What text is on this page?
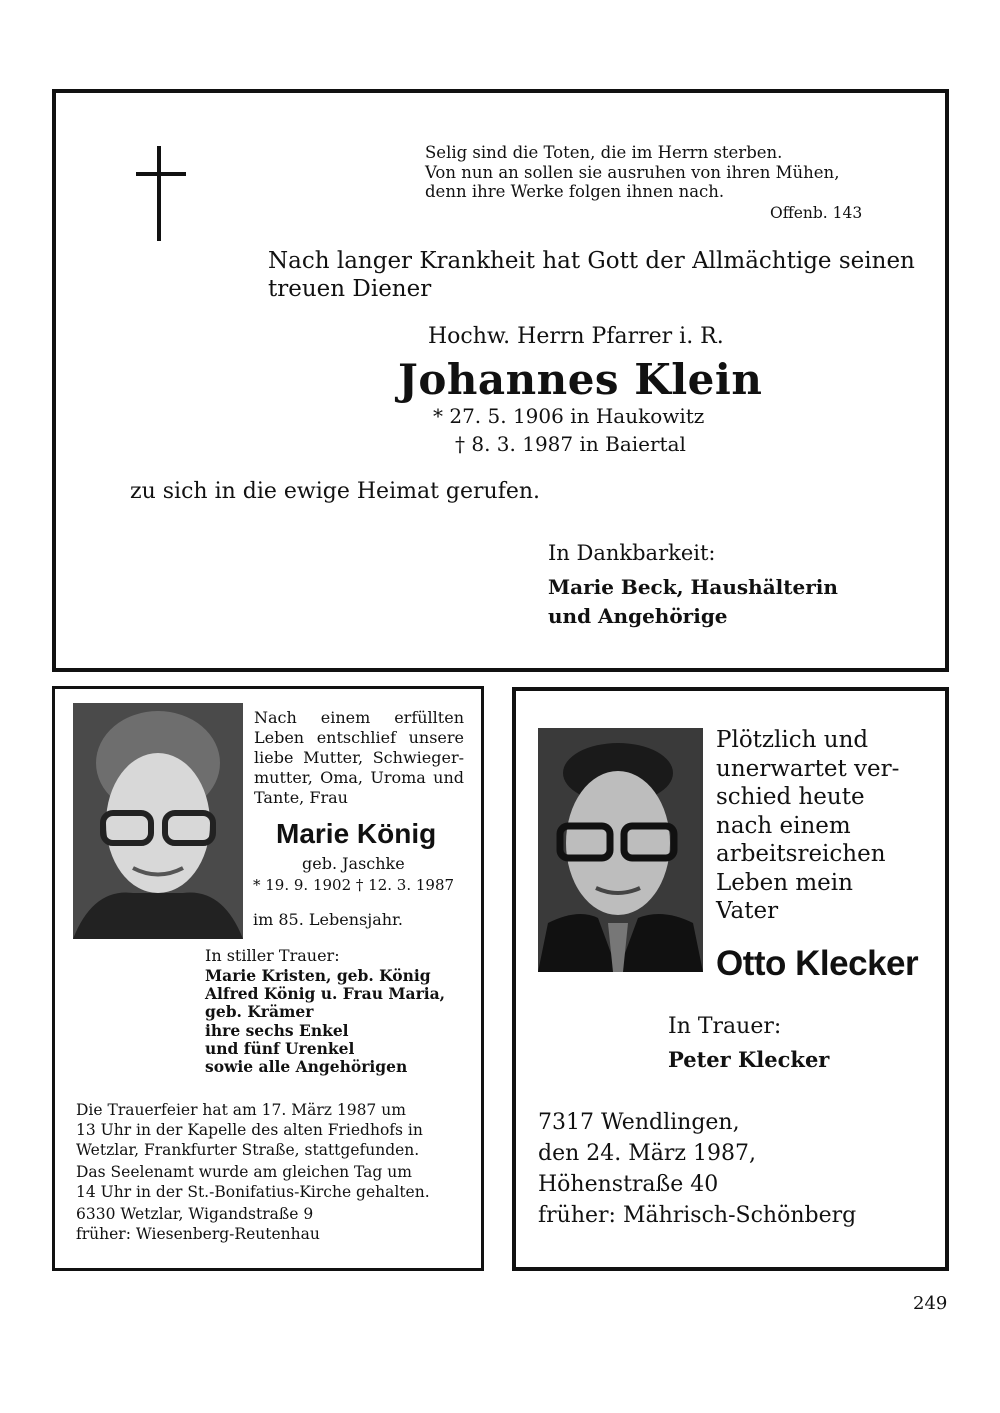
Selig sind die Toten, die im Herrn sterben.
Von nun an sollen sie ausruhen von ihren Mühen,
denn ihre Werke folgen ihnen nach.
Offenb. 143
Nach langer Krankheit hat Gott der Allmächtige seinen
treuen Diener
Hochw. Herrn Pfarrer i. R.
Johannes Klein
* 27. 5. 1906 in Haukowitz
† 8. 3. 1987 in Baiertal
zu sich in die ewige Heimat gerufen.
In Dankbarkeit:
Marie Beck, Haushälterin
und Angehörige
Nach einem erfüllten Leben entschlief unsere liebe Mutter, Schwieger-mutter, Oma, Uroma und Tante, Frau
Marie König
geb. Jaschke
* 19. 9. 1902 † 12. 3. 1987
im 85. Lebensjahr.
In stiller Trauer:
Marie Kristen, geb. König
Alfred König u. Frau Maria,
geb. Krämer
ihre sechs Enkel
und fünf Urenkel
sowie alle Angehörigen
Die Trauerfeier hat am 17. März 1987 um
13 Uhr in der Kapelle des alten Friedhofs in
Wetzlar, Frankfurter Straße, stattgefunden.
Das Seelenamt wurde am gleichen Tag um
14 Uhr in der St.-Bonifatius-Kirche gehalten.
6330 Wetzlar, Wigandstraße 9
früher: Wiesenberg-Reutenhau
Plötzlich und
unerwartet ver-
schied heute
nach einem
arbeitsreichen
Leben mein
Vater
Otto Klecker
In Trauer:
Peter Klecker
7317 Wendlingen,
den 24. März 1987,
Höhenstraße 40
früher: Mährisch-Schönberg
249
